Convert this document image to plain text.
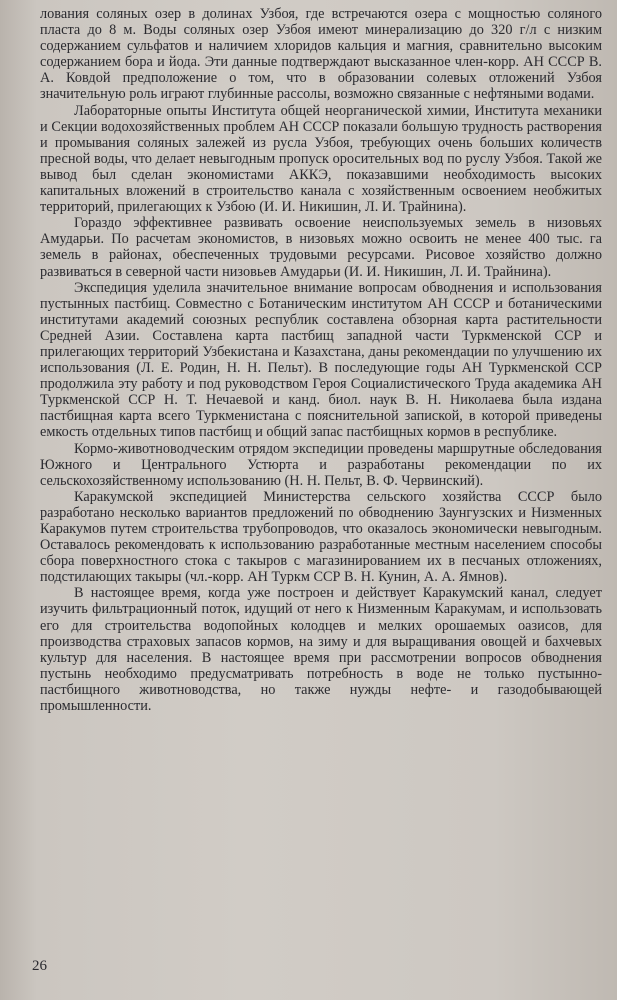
лования соляных озер в долинах Узбоя, где встречаются озера с мощностью соляного пласта до 8 м. Воды соляных озер Узбоя имеют минерализацию до 320 г/л с низким содержанием сульфатов и наличием хлоридов кальция и магния, сравнительно высоким содержанием бора и йода. Эти данные подтверждают высказанное член-корр. АН СССР В. А. Ковдой предположение о том, что в образовании солевых отложений Узбоя значительную роль играют глубинные рассолы, возможно связанные с нефтяными водами.

Лабораторные опыты Института общей неорганической химии, Института механики и Секции водохозяйственных проблем АН СССР показали большую трудность растворения и промывания соляных залежей из русла Узбоя, требующих очень больших количеств пресной воды, что делает невыгодным пропуск оросительных вод по руслу Узбоя. Такой же вывод был сделан экономистами АККЭ, показавшими необходимость высоких капитальных вложений в строительство канала с хозяйственным освоением необжитых территорий, прилегающих к Узбою (И. И. Никишин, Л. И. Трайнина).

Гораздо эффективнее развивать освоение неиспользуемых земель в низовьях Амударьи. По расчетам экономистов, в низовьях можно освоить не менее 400 тыс. га земель в районах, обеспеченных трудовыми ресурсами. Рисовое хозяйство должно развиваться в северной части низовьев Амударьи (И. И. Никишин, Л. И. Трайнина).

Экспедиция уделила значительное внимание вопросам обводнения и использования пустынных пастбищ. Совместно с Ботаническим институтом АН СССР и ботаническими институтами академий союзных республик составлена обзорная карта растительности Средней Азии. Составлена карта пастбищ западной части Туркменской ССР и прилегающих территорий Узбекистана и Казахстана, даны рекомендации по улучшению их использования (Л. Е. Родин, Н. Н. Пельт). В последующие годы АН Туркменской ССР продолжила эту работу и под руководством Героя Социалистического Труда академика АН Туркменской ССР Н. Т. Нечаевой и канд. биол. наук В. Н. Николаева была издана пастбищная карта всего Туркменистана с пояснительной запиской, в которой приведены емкость отдельных типов пастбищ и общий запас пастбищных кормов в республике.

Кормо-животноводческим отрядом экспедиции проведены маршрутные обследования Южного и Центрального Устюрта и разработаны рекомендации по их сельскохозяйственному использованию (Н. Н. Пельт, В. Ф. Червинский).

Каракумской экспедицией Министерства сельского хозяйства СССР было разработано несколько вариантов предложений по обводнению Заунгузских и Низменных Каракумов путем строительства трубопроводов, что оказалось экономически невыгодным. Оставалось рекомендовать к использованию разработанные местным населением способы сбора поверхностного стока с такыров с магазинированием их в песчаных отложениях, подстилающих такыры (чл.-корр. АН Туркм ССР В. Н. Кунин, А. А. Ямнов).

В настоящее время, когда уже построен и действует Каракумский канал, следует изучить фильтрационный поток, идущий от него к Низменным Каракумам, и использовать его для строительства водопойных колодцев и мелких орошаемых оазисов, для производства страховых запасов кормов, на зиму и для выращивания овощей и бахчевых культур для населения. В настоящее время при рассмотрении вопросов обводнения пустынь необходимо предусматривать потребность в воде не только пустынно-пастбищного животноводства, но также нужды нефте- и газодобывающей промышленности.

26
